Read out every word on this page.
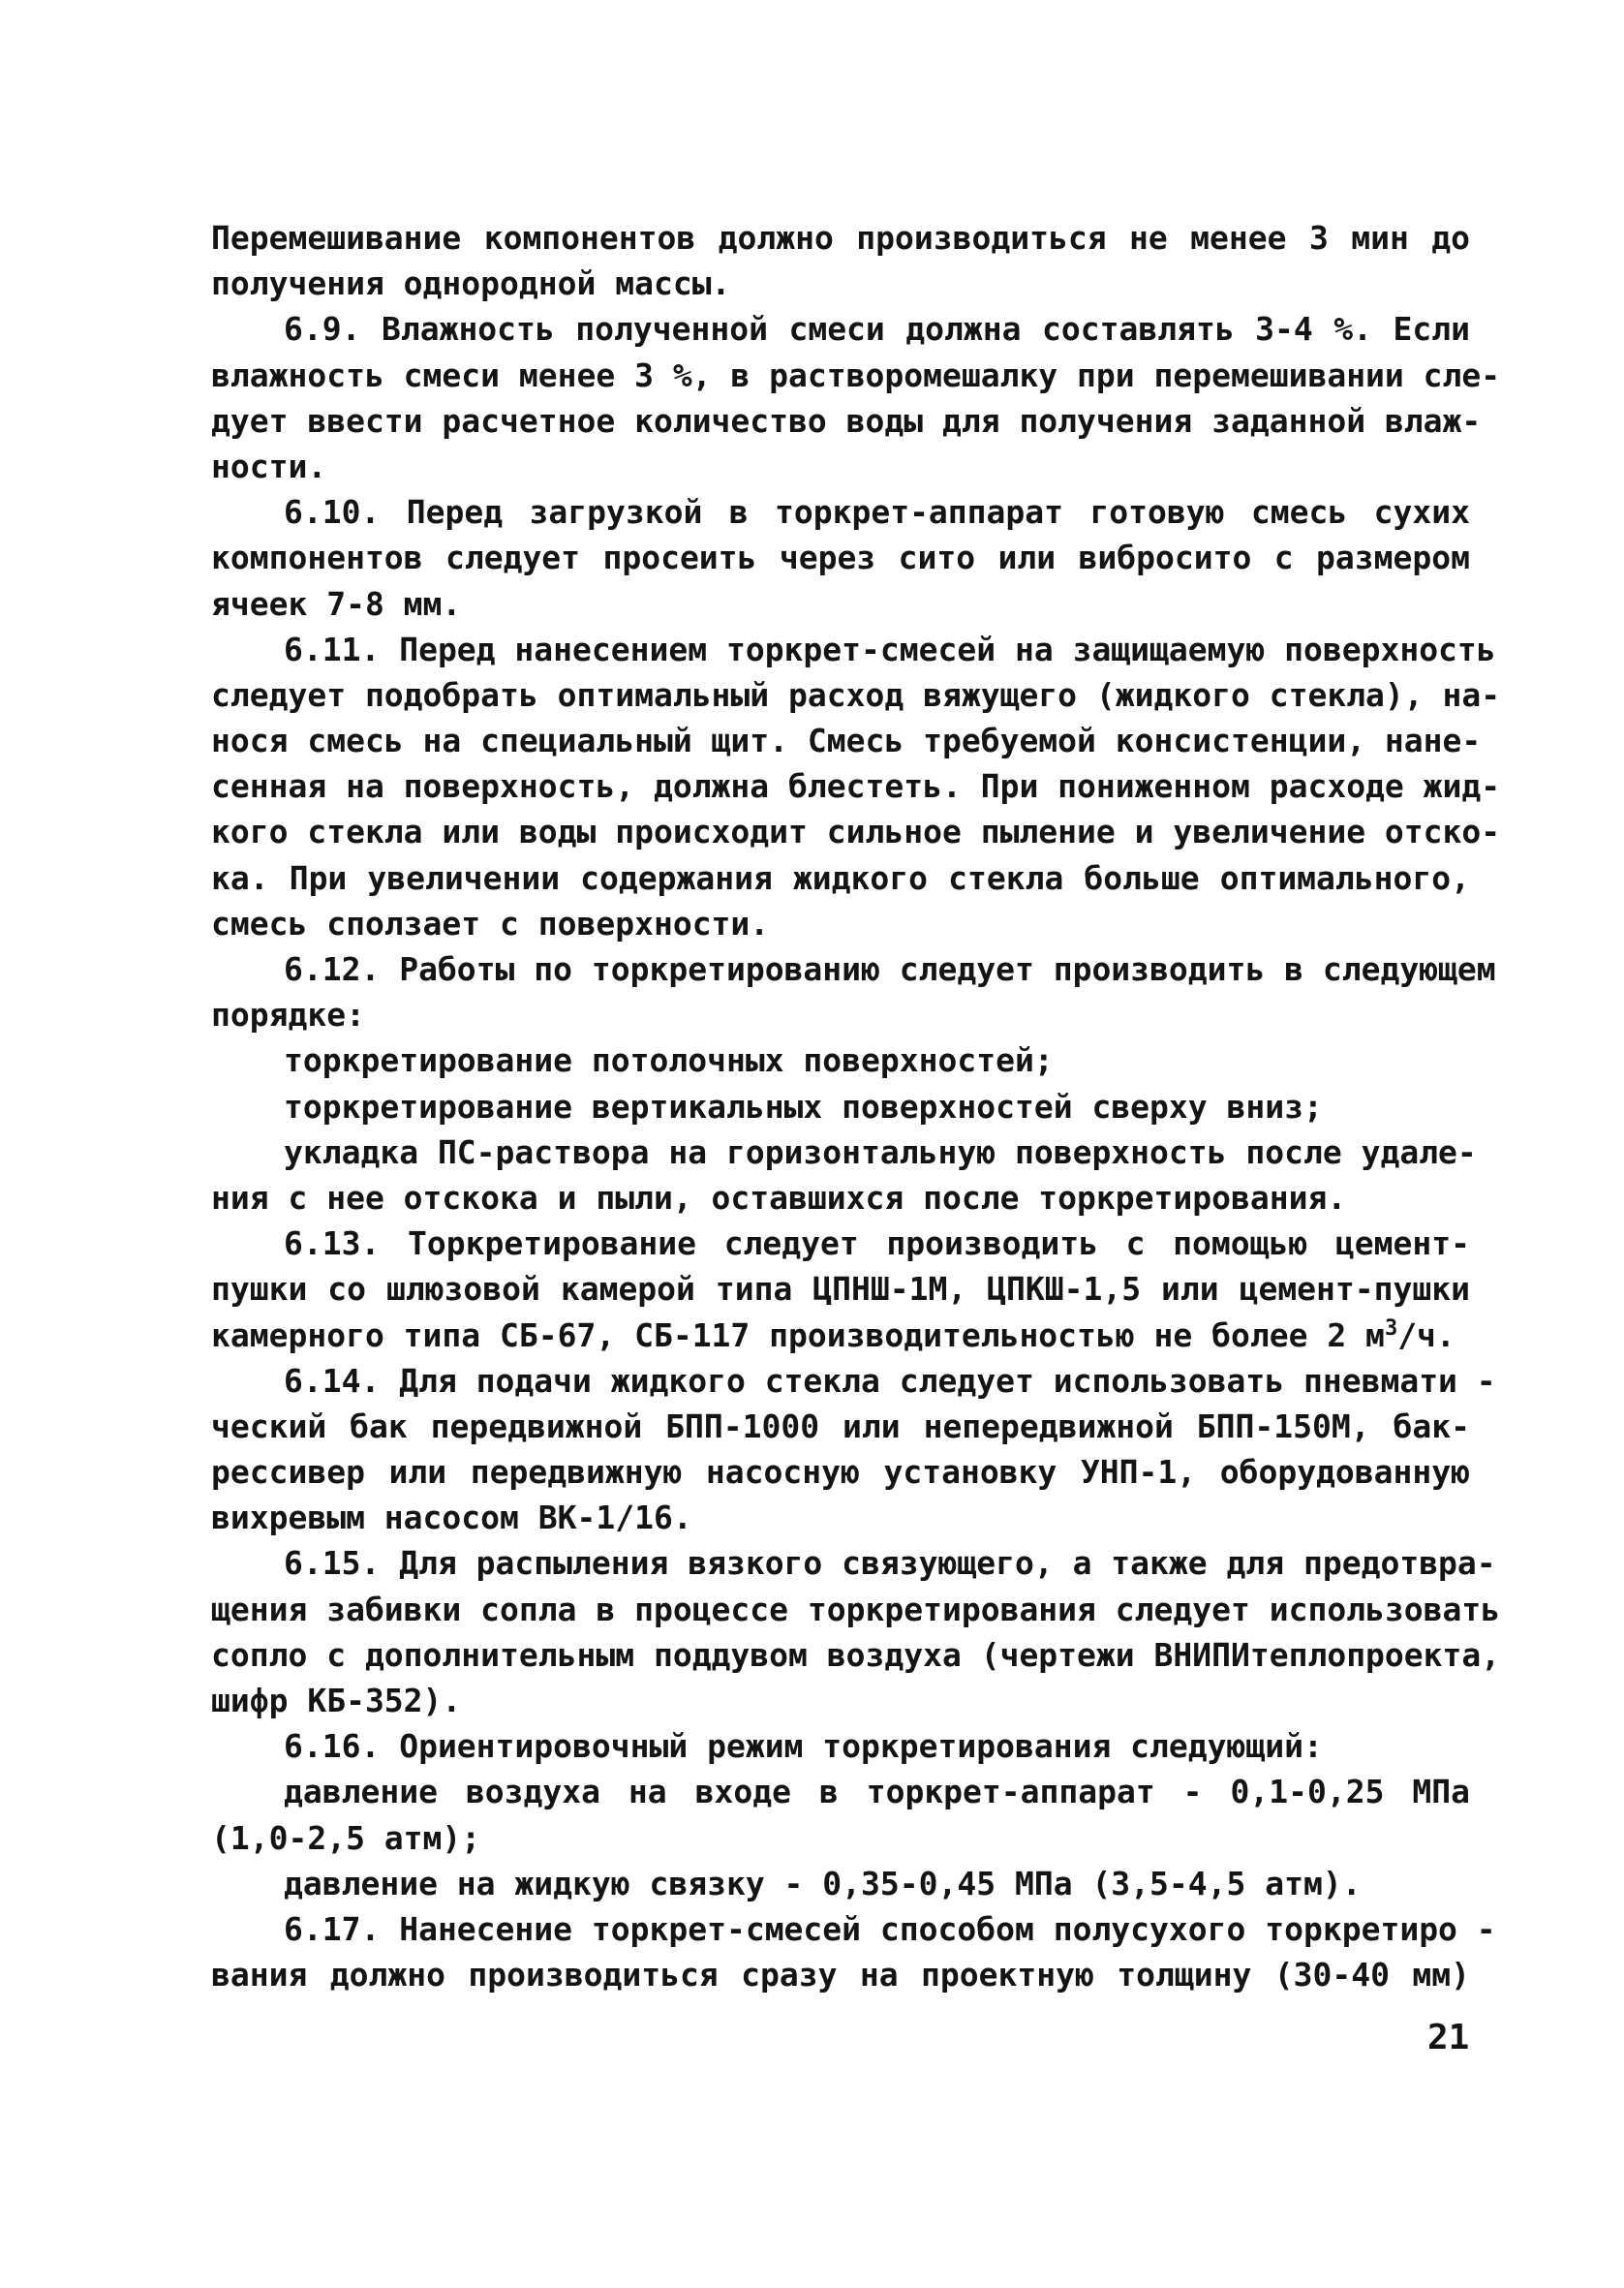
Перемешивание компонентов должно производиться не менее 3 мин до
получения однородной массы.
6.9. Влажность полученной смеси должна составлять 3-4 %. Если
влажность смеси менее 3 %, в растворомешалку при перемешивании сле-
дует ввести расчетное количество воды для получения заданной влаж-
ности.
6.10. Перед загрузкой в торкрет-аппарат готовую смесь сухих
компонентов следует просеить через сито или вибросито с размером
ячеек 7-8 мм.
6.11. Перед нанесением торкрет-смесей на защищаемую поверхность
следует подобрать оптимальный расход вяжущего (жидкого стекла), на-
нося смесь на специальный щит. Смесь требуемой консистенции, нане-
сенная на поверхность, должна блестеть. При пониженном расходе жид-
кого стекла или воды происходит сильное пыление и увеличение отско-
ка. При увеличении содержания жидкого стекла больше оптимального,
смесь сползает с поверхности.
6.12. Работы по торкретированию следует производить в следующем
порядке:
торкретирование потолочных поверхностей;
торкретирование вертикальных поверхностей сверху вниз;
укладка ПС-раствора на горизонтальную поверхность после удале-
ния с нее отскока и пыли, оставшихся после торкретирования.
6.13. Торкретирование следует производить с помощью цемент-
пушки со шлюзовой камерой типа ЦПНШ-1М, ЦПКШ-1,5 или цемент-пушки
камерного типа СБ-67, СБ-117 производительностью не более 2 $м^3/ч$.
6.14. Для подачи жидкого стекла следует использовать пневмати -
ческий бак передвижной БПП-1000 или непередвижной БПП-150М, бак-
рессивер или передвижную насосную установку УНП-1, оборудованную
вихревым насосом ВК-1/16.
6.15. Для распыления вязкого связующего, а также для предотвра-
щения забивки сопла в процессе торкретирования следует использовать
сопло с дополнительным поддувом воздуха (чертежи ВНИПИтеплопроекта,
шифр КБ-352).
6.16. Ориентировочный режим торкретирования следующий:
давление воздуха на входе в торкрет-аппарат - 0,1-0,25 МПа
(1,0-2,5 атм);
давление на жидкую связку - 0,35-0,45 МПа (3,5-4,5 атм).
6.17. Нанесение торкрет-смесей способом полусухого торкретиро -
вания должно производиться сразу на проектную толщину (30-40 мм)
21
